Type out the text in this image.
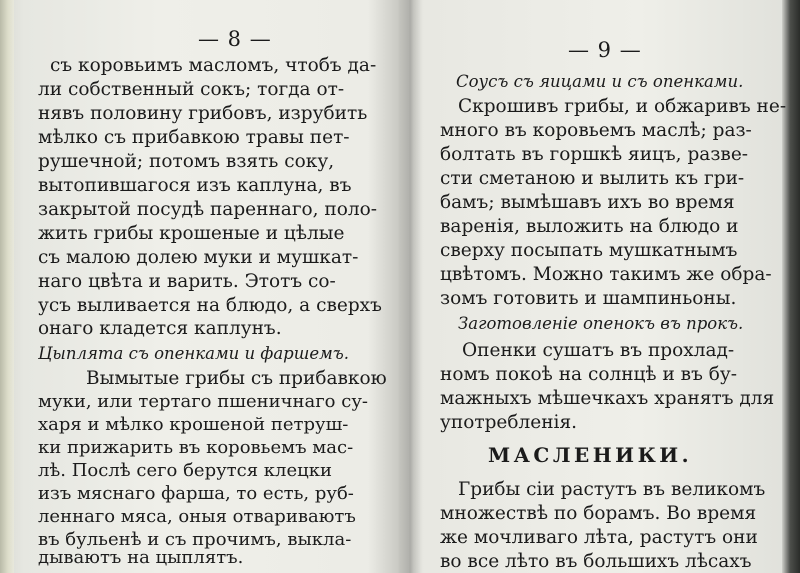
— 8 —
съ коровьимъ масломъ, чтобъ да-
ли собственный сокъ; тогда от-
нявъ половину грибовъ, изрубить
мѣлко съ прибавкою травы пет-
рушечной; потомъ взять соку,
вытопившагося изъ каплуна, въ
закрытой посудѣ пареннаго, поло-
жить грибы крошеные и цѣлые
съ малою долею муки и мушкат-
наго цвѣта и варить. Этотъ со-
усъ выливается на блюдо, а сверхъ
онаго кладется каплунъ.
Цыплята съ опенками и фаршемъ.
Вымытые грибы съ прибавкою
муки, или тертаго пшеничнаго су-
харя и мѣлко крошеной петруш-
ки прижарить въ коровьемъ мас-
лѣ. Послѣ сего берутся клецки
изъ мяснаго фарша, то есть, руб-
леннаго мяса, оныя отвариваютъ
въ бульенѣ и съ прочимъ, выкла-
дываютъ на цыплятъ.
— 9 —
Соусъ съ яицами и съ опенками.
Скрошивъ грибы, и обжаривъ не-
много въ коровьемъ маслѣ; раз-
болтать въ горшкѣ яицъ, разве-
сти сметаною и вылить къ гри-
бамъ; вымѣшавъ ихъ во время
варенія, выложить на блюдо и
сверху посыпать мушкатнымъ
цвѣтомъ. Можно такимъ же обра-
зомъ готовить и шампиньоны.
Заготовленіе опенокъ въ прокъ.
Опенки сушатъ въ прохлад-
номъ покоѣ на солнцѣ и въ бу-
мажныхъ мѣшечкахъ хранятъ для
употребленія.
МАСЛЕНИКИ.
Грибы сіи растутъ въ великомъ
множествѣ по борамъ. Во время
же мочливаго лѣта, растутъ они
во все лѣто въ большихъ лѣсахъ
